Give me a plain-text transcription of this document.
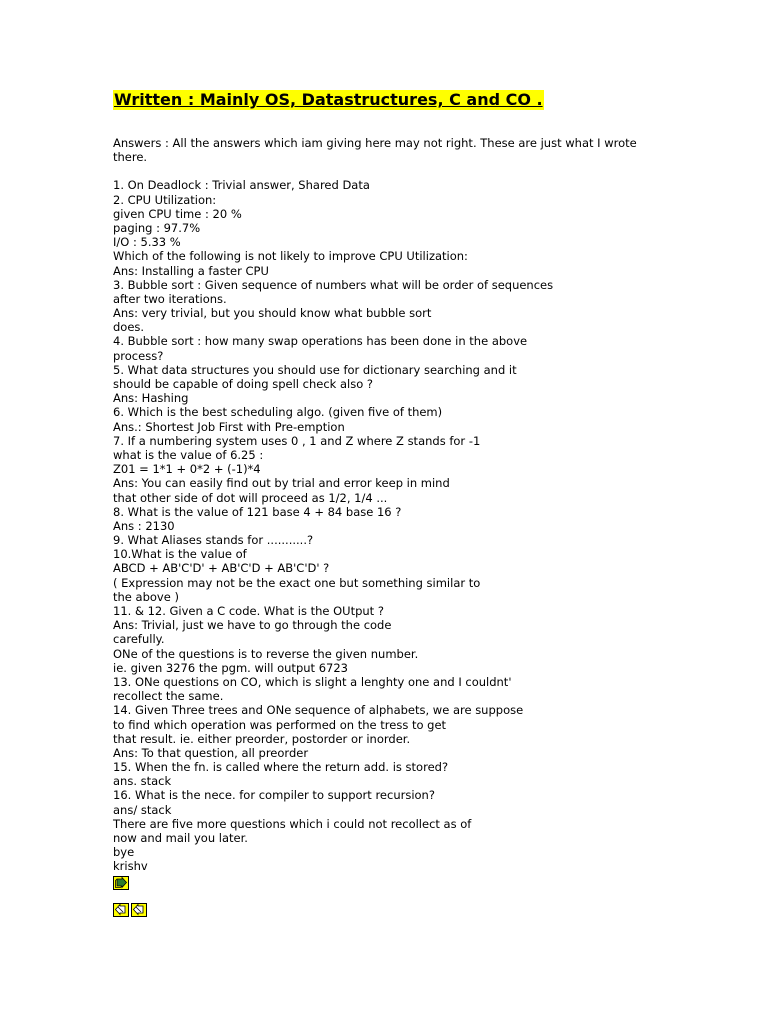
Written : Mainly OS, Datastructures, C and CO .

Answers : All the answers which iam giving here may not right. These are just what I wrote there.

1. On Deadlock : Trivial answer, Shared Data
2. CPU Utilization:
given CPU time : 20 %
paging : 97.7%
I/O : 5.33 %
Which of the following is not likely to improve CPU Utilization:
Ans: Installing a faster CPU
3. Bubble sort : Given sequence of numbers what will be order of sequences
after two iterations.
Ans: very trivial, but you should know what bubble sort
does.
4. Bubble sort : how many swap operations has been done in the above
process?
5. What data structures you should use for dictionary searching and it
should be capable of doing spell check also ?
Ans: Hashing
6. Which is the best scheduling algo. (given five of them)
Ans.: Shortest Job First with Pre-emption
7. If a numbering system uses 0 , 1 and Z where Z stands for -1
what is the value of 6.25 :
Z01 = 1*1 + 0*2 + (-1)*4
Ans: You can easily find out by trial and error keep in mind
that other side of dot will proceed as 1/2, 1/4 ...
8. What is the value of 121 base 4 + 84 base 16 ?
Ans : 2130
9. What Aliases stands for ...........?
10.What is the value of
ABCD + AB'C'D' + AB'C'D + AB'C'D' ?
( Expression may not be the exact one but something similar to
the above )
11. & 12. Given a C code. What is the OUtput ?
Ans: Trivial, just we have to go through the code
carefully.
ONe of the questions is to reverse the given number.
ie. given 3276 the pgm. will output 6723
13. ONe questions on CO, which is slight a lenghty one and I couldnt'
recollect the same.
14. Given Three trees and ONe sequence of alphabets, we are suppose
to find which operation was performed on the tress to get
that result. ie. either preorder, postorder or inorder.
Ans: To that question, all preorder
15. When the fn. is called where the return add. is stored?
ans. stack
16. What is the nece. for compiler to support recursion?
ans/ stack
There are five more questions which i could not recollect as of
now and mail you later.
bye
krishv
